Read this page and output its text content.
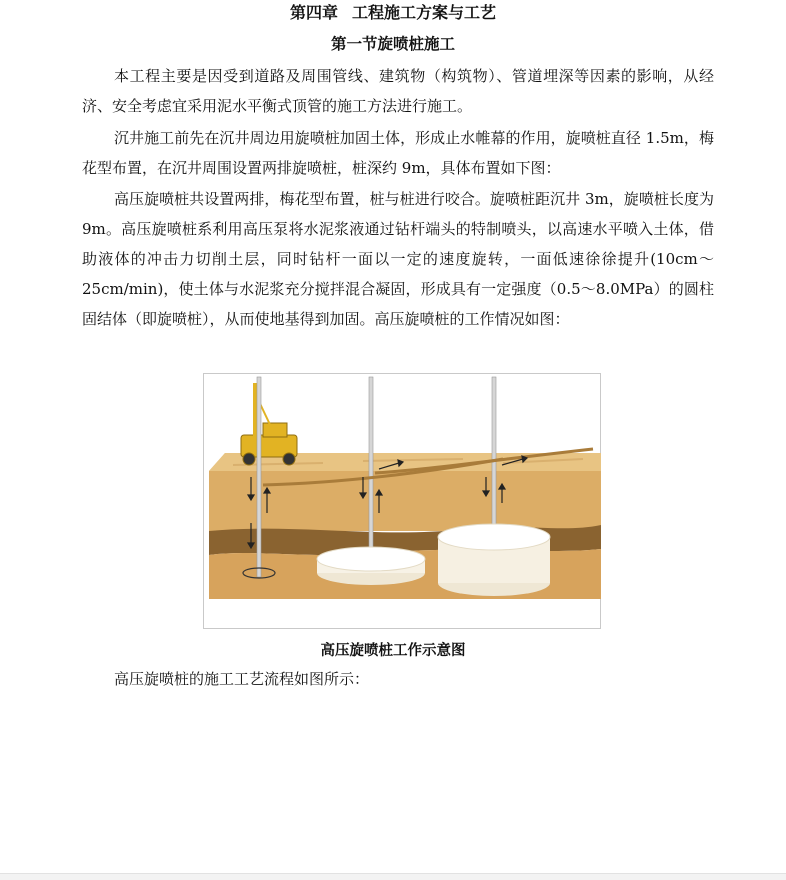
第四章 工程施工方案与工艺
第一节旋喷桩施工

本工程主要是因受到道路及周围管线、建筑物（构筑物）、管道埋深等因素的影响，从经济、安全考虑宜采用泥水平衡式顶管的施工方法进行施工。

沉井施工前先在沉井周边用旋喷桩加固土体，形成止水帷幕的作用，旋喷桩直径 1.5m，梅花型布置，在沉井周围设置两排旋喷桩，桩深约 9m，具体布置如下图：

高压旋喷桩共设置两排，梅花型布置，桩与桩进行咬合。旋喷桩距沉井 3m，旋喷桩长度为 9m。高压旋喷桩系利用高压泵将水泥浆液通过钻杆端头的特制喷头，以高速水平喷入土体，借助液体的冲击力切削土层，同时钻杆一面以一定的速度旋转，一面低速徐徐提升(10cm～25cm/min)，使土体与水泥浆充分搅拌混合凝固，形成具有一定强度（0.5～8.0MPa）的圆柱固结体（即旋喷桩），从而使地基得到加固。高压旋喷桩的工作情况如图：

高压旋喷桩工作示意图

高压旋喷桩的施工工艺流程如图所示：
